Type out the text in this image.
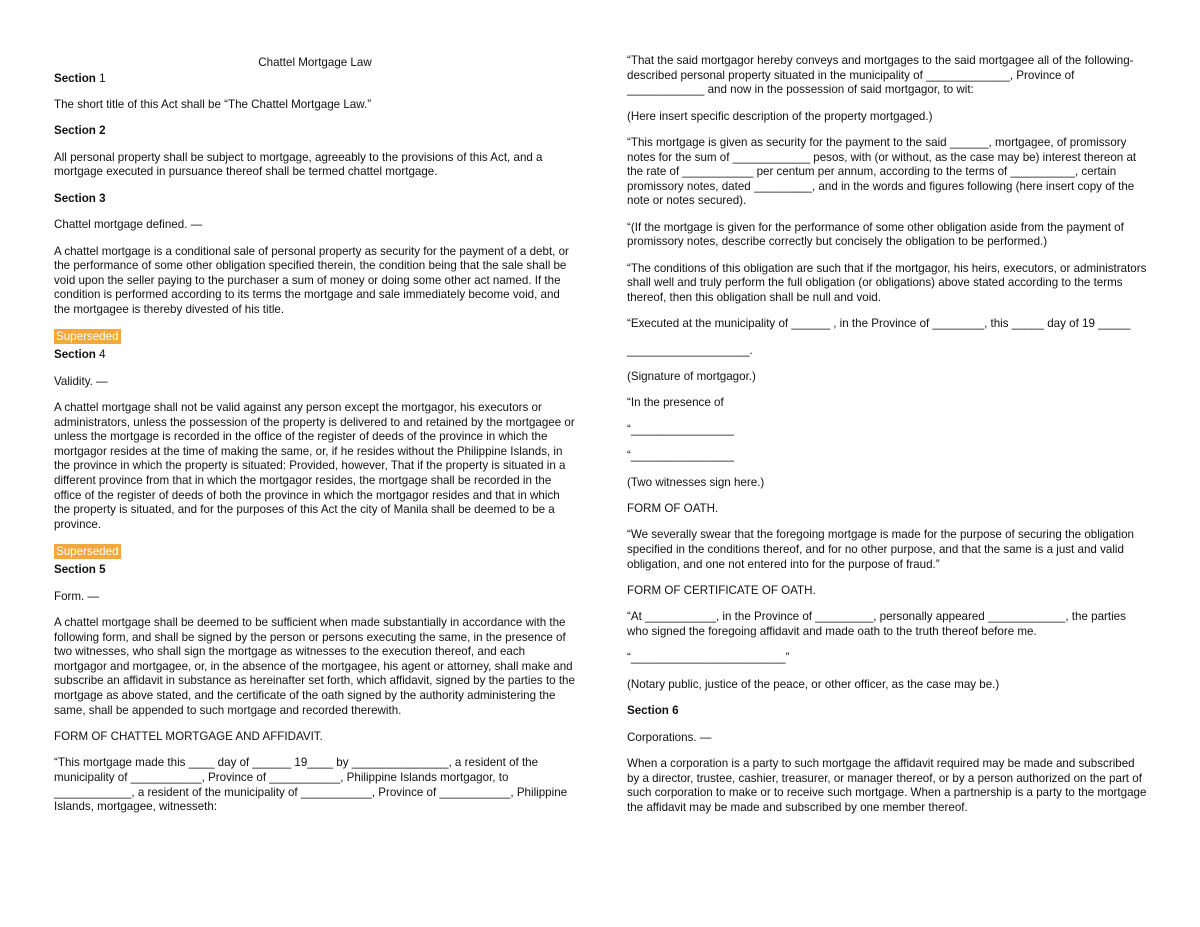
Chattel Mortgage Law

Section 1

The short title of this Act shall be “The Chattel Mortgage Law.”

Section 2

All personal property shall be subject to mortgage, agreeably to the provisions of this Act, and a mortgage executed in pursuance thereof shall be termed chattel mortgage.

Section 3

Chattel mortgage defined. —

A chattel mortgage is a conditional sale of personal property as security for the payment of a debt, or the performance of some other obligation specified therein, the condition being that the sale shall be void upon the seller paying to the purchaser a sum of money or doing some other act named. If the condition is performed according to its terms the mortgage and sale immediately become void, and the mortgagee is thereby divested of his title.

Superseded

Section 4

Validity. —

A chattel mortgage shall not be valid against any person except the mortgagor, his executors or administrators, unless the possession of the property is delivered to and retained by the mortgagee or unless the mortgage is recorded in the office of the register of deeds of the province in which the mortgagor resides at the time of making the same, or, if he resides without the Philippine Islands, in the province in which the property is situated: Provided, however, That if the property is situated in a different province from that in which the mortgagor resides, the mortgage shall be recorded in the office of the register of deeds of both the province in which the mortgagor resides and that in which the property is situated, and for the purposes of this Act the city of Manila shall be deemed to be a province.

Superseded

Section 5

Form. —

A chattel mortgage shall be deemed to be sufficient when made substantially in accordance with the following form, and shall be signed by the person or persons executing the same, in the presence of two witnesses, who shall sign the mortgage as witnesses to the execution thereof, and each mortgagor and mortgagee, or, in the absence of the mortgagee, his agent or attorney, shall make and subscribe an affidavit in substance as hereinafter set forth, which affidavit, signed by the parties to the mortgage as above stated, and the certificate of the oath signed by the authority administering the same, shall be appended to such mortgage and recorded therewith.

FORM OF CHATTEL MORTGAGE AND AFFIDAVIT.

“This mortgage made this ____ day of ______ 19____ by _______________, a resident of the municipality of ___________, Province of ___________, Philippine Islands mortgagor, to ____________, a resident of the municipality of ___________, Province of ___________, Philippine Islands, mortgagee, witnesseth:

“That the said mortgagor hereby conveys and mortgages to the said mortgagee all of the following-described personal property situated in the municipality of _____________, Province of ____________ and now in the possession of said mortgagor, to wit:

(Here insert specific description of the property mortgaged.)

“This mortgage is given as security for the payment to the said ______, mortgagee, of promissory notes for the sum of ____________ pesos, with (or without, as the case may be) interest thereon at the rate of ___________ per centum per annum, according to the terms of __________, certain promissory notes, dated _________, and in the words and figures following (here insert copy of the note or notes secured).

“(If the mortgage is given for the performance of some other obligation aside from the payment of promissory notes, describe correctly but concisely the obligation to be performed.)

“The conditions of this obligation are such that if the mortgagor, his heirs, executors, or administrators shall well and truly perform the full obligation (or obligations) above stated according to the terms thereof, then this obligation shall be null and void.

“Executed at the municipality of ______ , in the Province of ________, this _____ day of 19 _____

___________________.

(Signature of mortgagor.)

“In the presence of

“________________

“________________

(Two witnesses sign here.)

FORM OF OATH.

“We severally swear that the foregoing mortgage is made for the purpose of securing the obligation specified in the conditions thereof, and for no other purpose, and that the same is a just and valid obligation, and one not entered into for the purpose of fraud.”

FORM OF CERTIFICATE OF OATH.

“At ___________, in the Province of _________, personally appeared ____________, the parties who signed the foregoing affidavit and made oath to the truth thereof before me.

“________________________”

(Notary public, justice of the peace, or other officer, as the case may be.)

Section 6

Corporations. —

When a corporation is a party to such mortgage the affidavit required may be made and subscribed by a director, trustee, cashier, treasurer, or manager thereof, or by a person authorized on the part of such corporation to make or to receive such mortgage. When a partnership is a party to the mortgage the affidavit may be made and subscribed by one member thereof.
